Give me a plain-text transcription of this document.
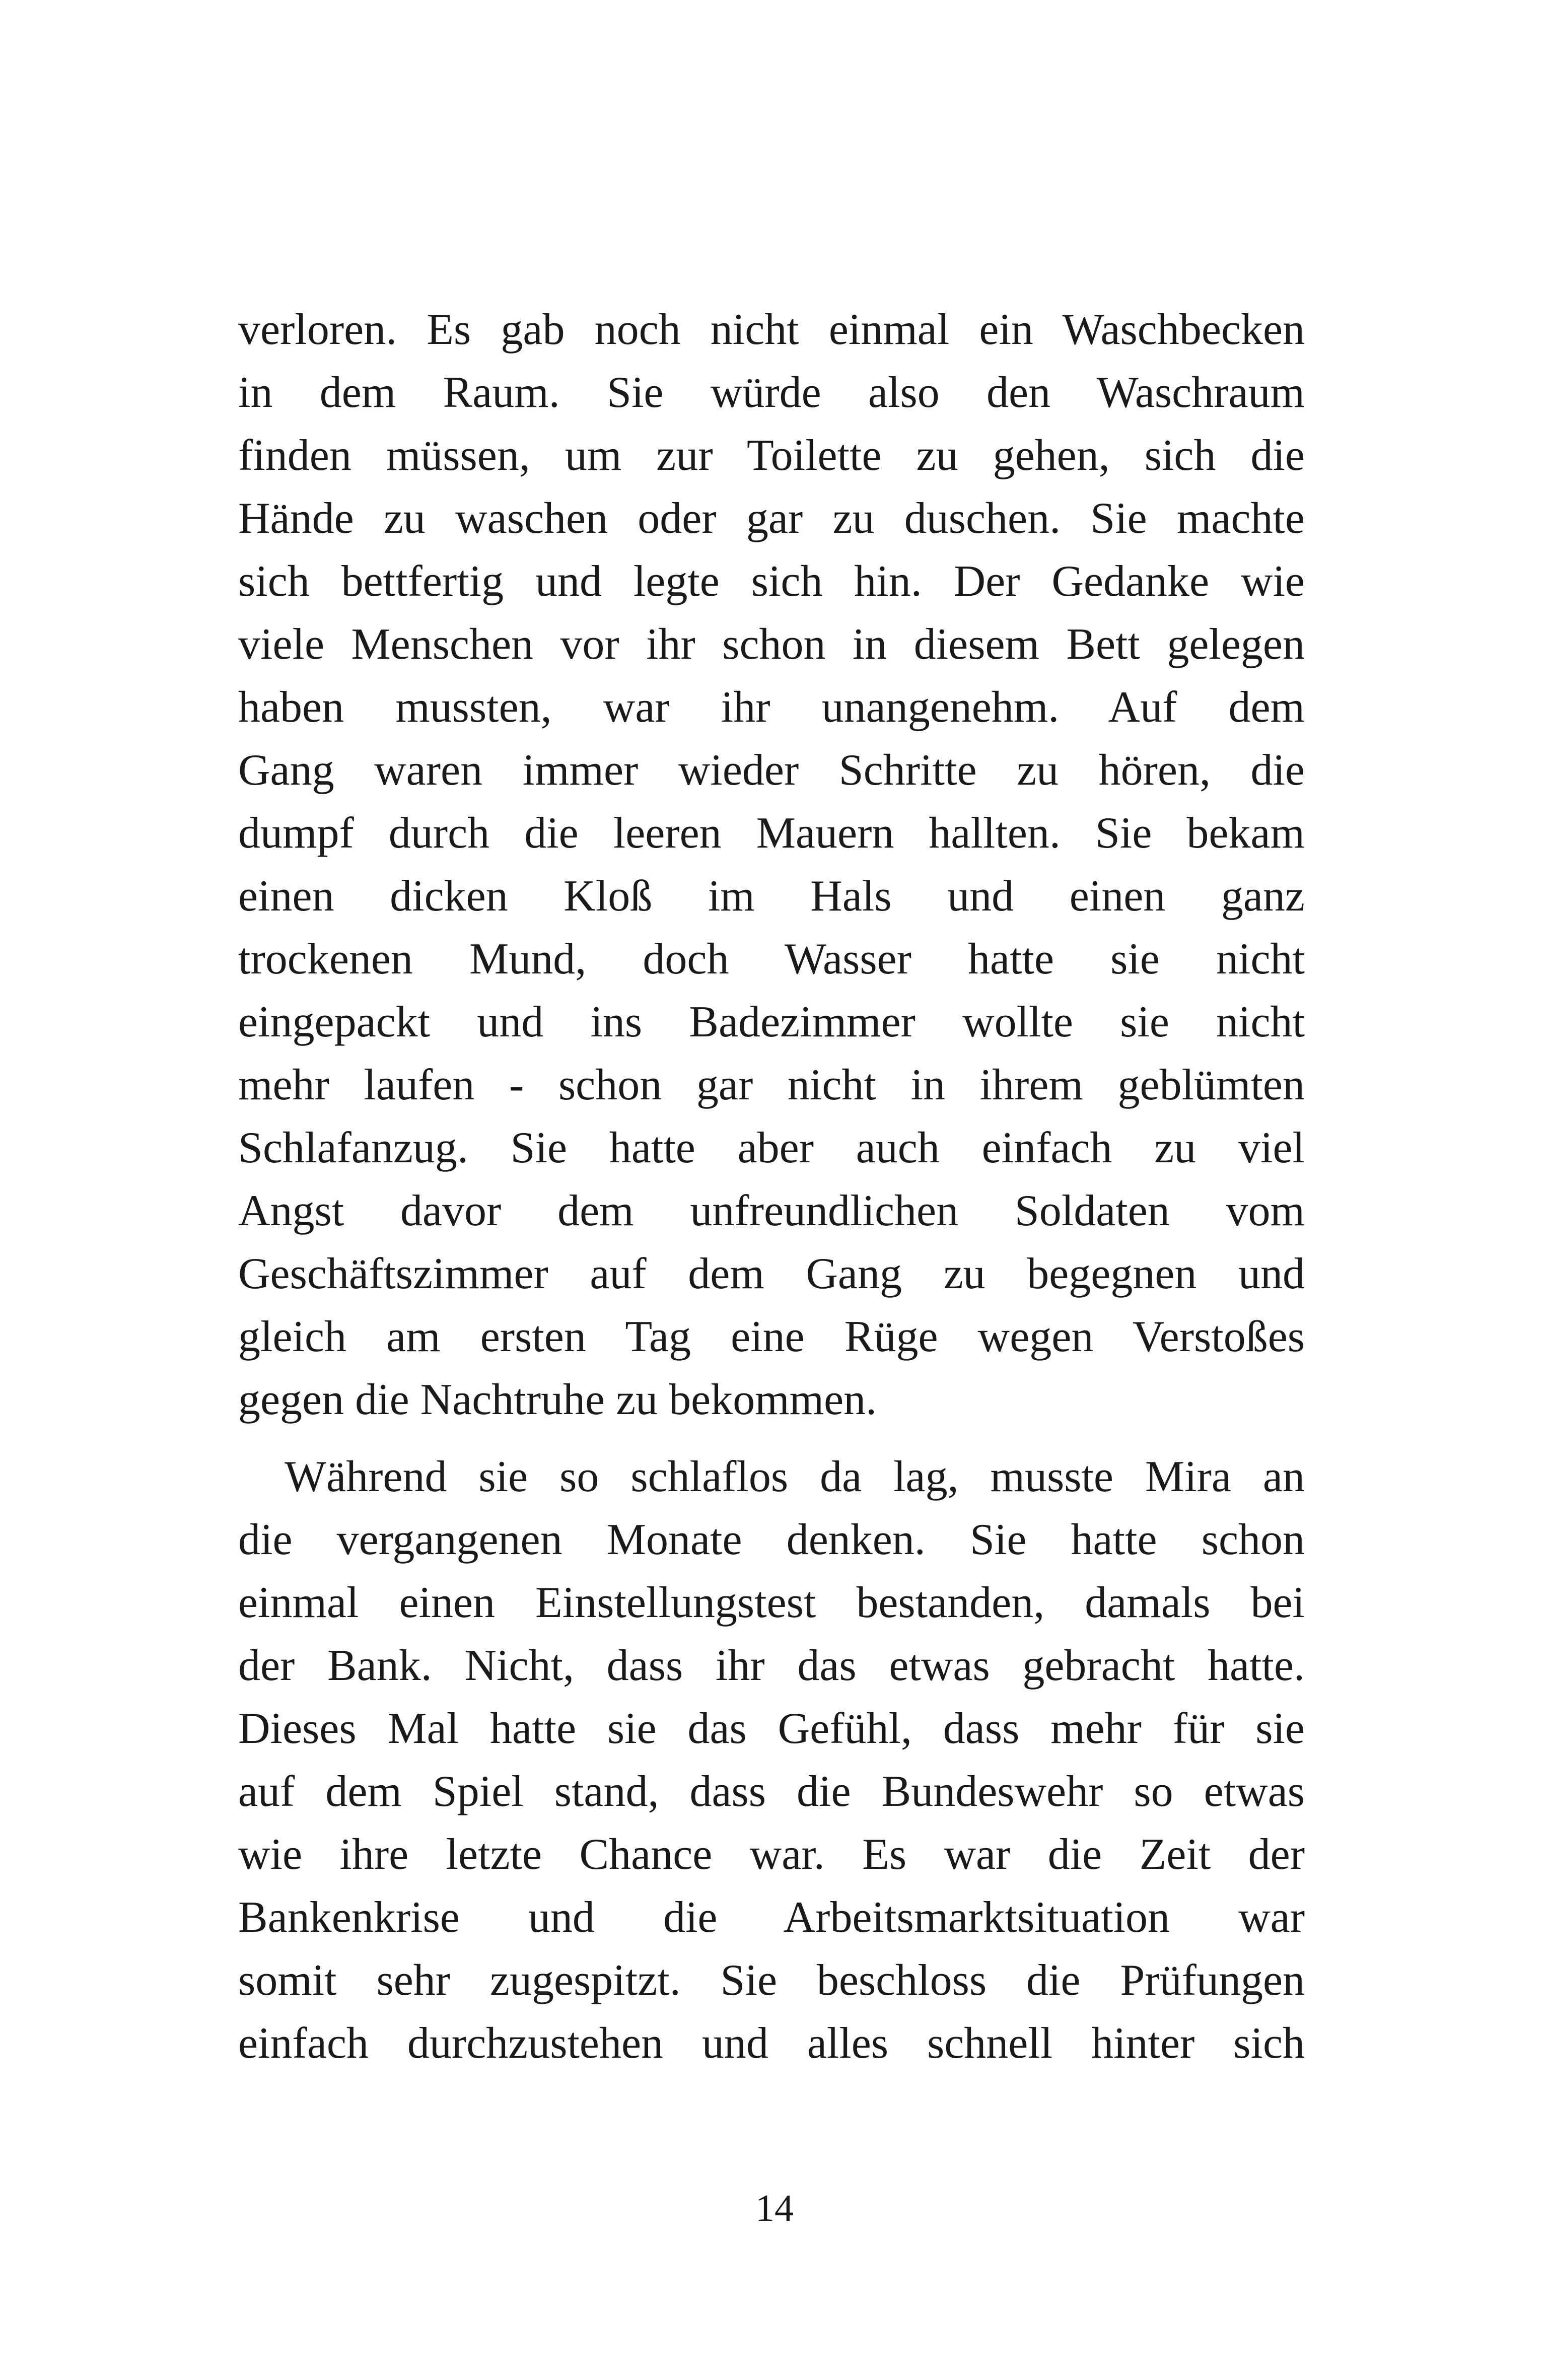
verloren. Es gab noch nicht einmal ein Waschbecken
in dem Raum. Sie würde also den Waschraum
finden müssen, um zur Toilette zu gehen, sich die
Hände zu waschen oder gar zu duschen. Sie machte
sich bettfertig und legte sich hin. Der Gedanke wie
viele Menschen vor ihr schon in diesem Bett gelegen
haben mussten, war ihr unangenehm. Auf dem
Gang waren immer wieder Schritte zu hören, die
dumpf durch die leeren Mauern hallten. Sie bekam
einen dicken Kloß im Hals und einen ganz
trockenen Mund, doch Wasser hatte sie nicht
eingepackt und ins Badezimmer wollte sie nicht
mehr laufen - schon gar nicht in ihrem geblümten
Schlafanzug. Sie hatte aber auch einfach zu viel
Angst davor dem unfreundlichen Soldaten vom
Geschäftszimmer auf dem Gang zu begegnen und
gleich am ersten Tag eine Rüge wegen Verstoßes
gegen die Nachtruhe zu bekommen.
Während sie so schlaflos da lag, musste Mira an
die vergangenen Monate denken. Sie hatte schon
einmal einen Einstellungstest bestanden, damals bei
der Bank. Nicht, dass ihr das etwas gebracht hatte.
Dieses Mal hatte sie das Gefühl, dass mehr für sie
auf dem Spiel stand, dass die Bundeswehr so etwas
wie ihre letzte Chance war. Es war die Zeit der
Bankenkrise und die Arbeitsmarktsituation war
somit sehr zugespitzt. Sie beschloss die Prüfungen
einfach durchzustehen und alles schnell hinter sich
14
